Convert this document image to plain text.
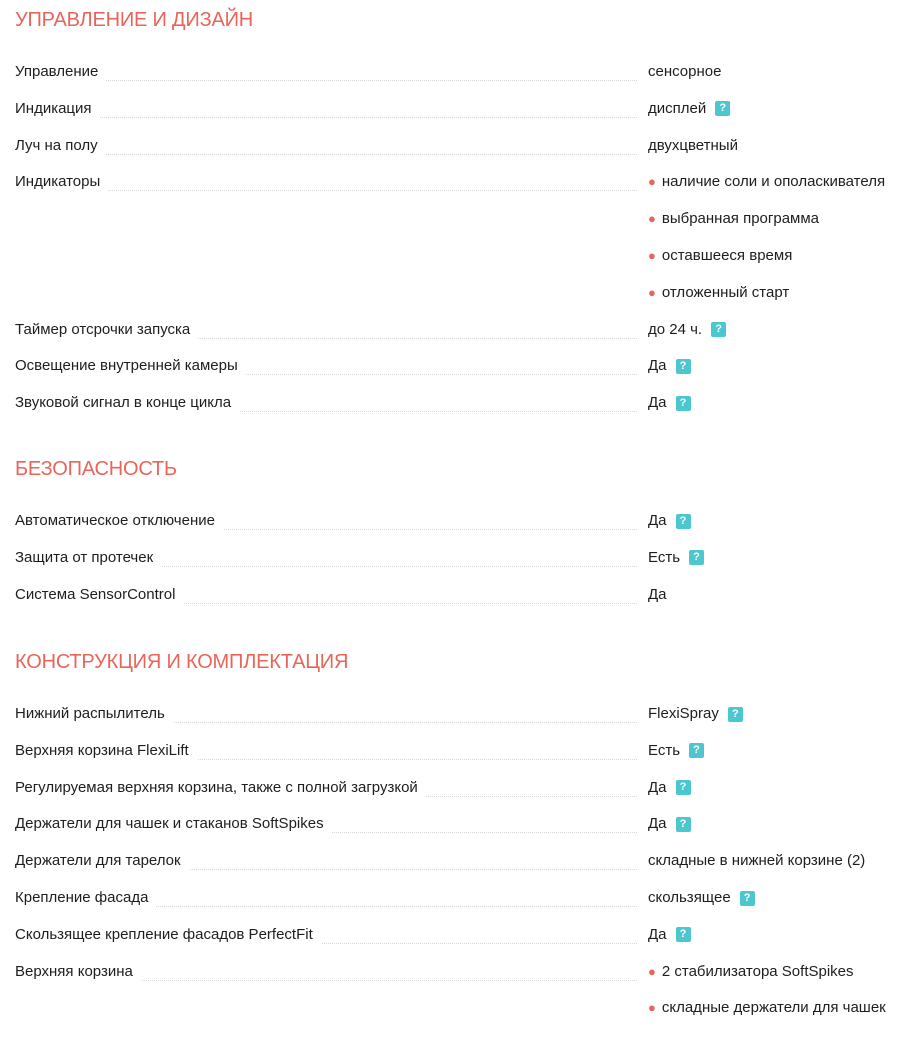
УПРАВЛЕНИЕ И ДИЗАЙН
Управление	сенсорное
Индикация	дисплей	?
Луч на полу	двухцветный
Индикаторы	● наличие соли и ополаскивателя
● выбранная программа
● оставшееся время
● отложенный старт
Таймер отсрочки запуска	до 24 ч.	?
Освещение внутренней камеры	Да	?
Звуковой сигнал в конце цикла	Да	?
БЕЗОПАСНОСТЬ
Автоматическое отключение	Да	?
Защита от протечек	Есть	?
Система SensorControl	Да
КОНСТРУКЦИЯ И КОМПЛЕКТАЦИЯ
Нижний распылитель	FlexiSpray	?
Верхняя корзина FlexiLift	Есть	?
Регулируемая верхняя корзина, также с полной загрузкой	Да	?
Держатели для чашек и стаканов SoftSpikes	Да	?
Держатели для тарелок	складные в нижней корзине (2)
Крепление фасада	скользящее	?
Скользящее крепление фасадов PerfectFit	Да	?
Верхняя корзина	● 2 стабилизатора SoftSpikes
● складные держатели для чашек
